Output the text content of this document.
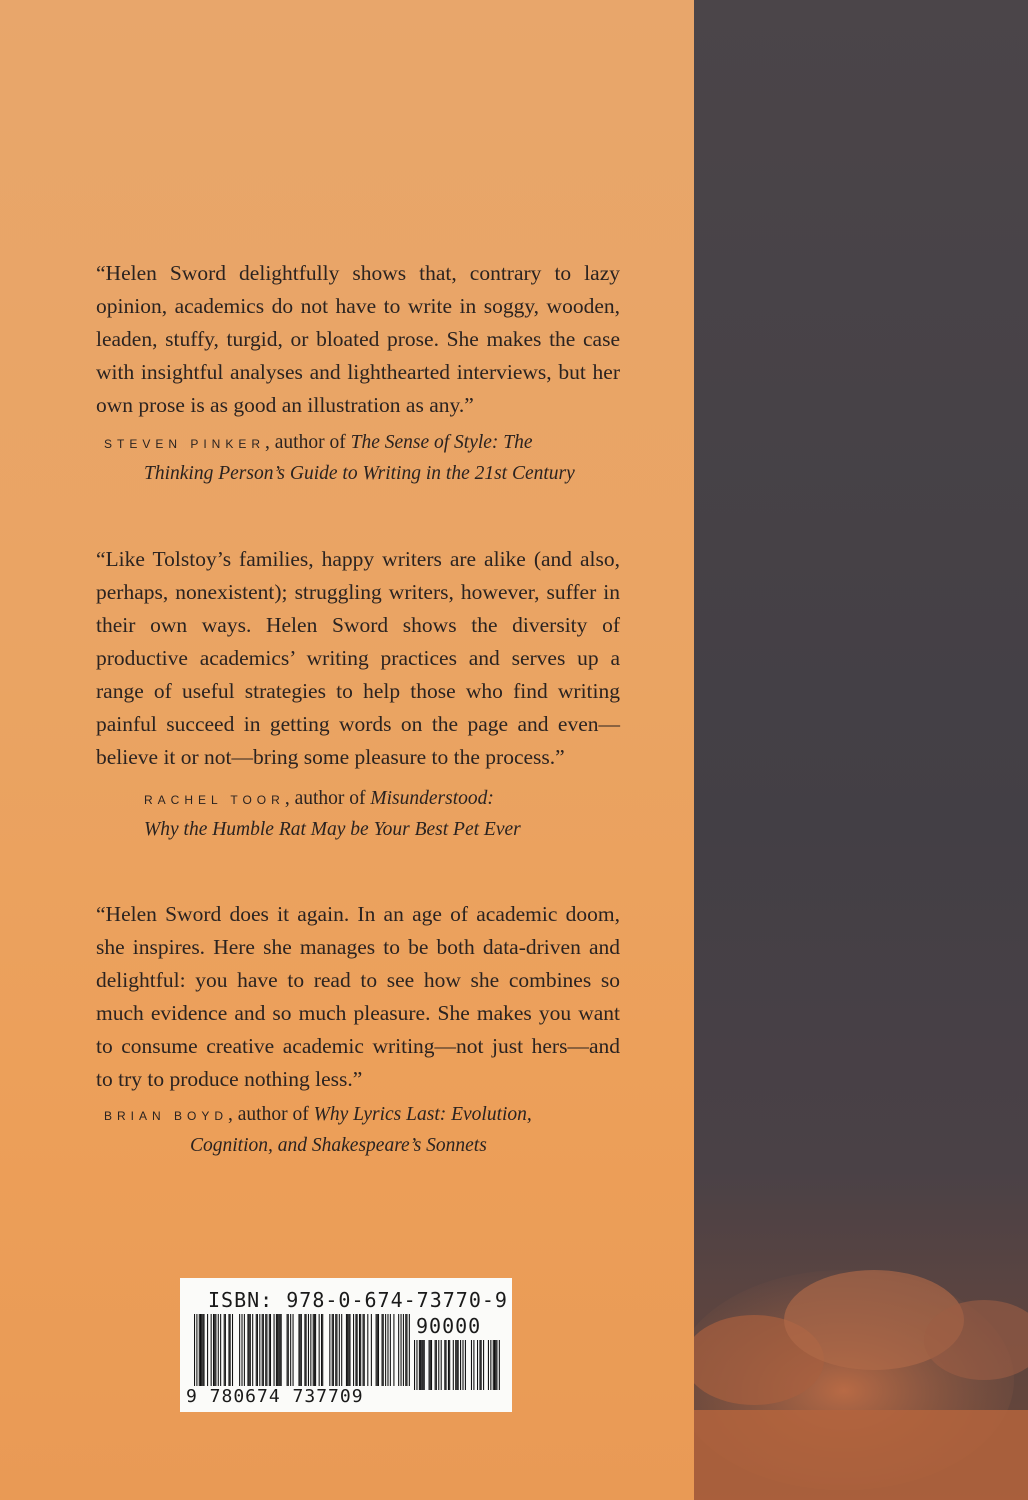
“Helen Sword delightfully shows that, contrary to lazy opinion, academics do not have to write in soggy, wooden, leaden, stuffy, turgid, or bloated prose. She makes the case with insightful analyses and lighthearted interviews, but her own prose is as good an illustration as any.”

STEVEN PINKER, author of The Sense of Style: The
Thinking Person’s Guide to Writing in the 21st Century

“Like Tolstoy’s families, happy writers are alike (and also, perhaps, nonexistent); struggling writers, however, suffer in their own ways. Helen Sword shows the diversity of productive academics’ writing practices and serves up a range of useful strategies to help those who find writing painful succeed in getting words on the page and even—believe it or not—bring some pleasure to the process.”

RACHEL TOOR, author of Misunderstood:
Why the Humble Rat May be Your Best Pet Ever

“Helen Sword does it again. In an age of academic doom, she inspires. Here she manages to be both data-driven and delightful: you have to read to see how she combines so much evidence and so much pleasure. She makes you want to consume creative academic writing—not just hers—and to try to produce nothing less.”

BRIAN BOYD, author of Why Lyrics Last: Evolution,
Cognition, and Shakespeare’s Sonnets

ISBN: 978-0-674-73770-9
90000
9 780674 737709
